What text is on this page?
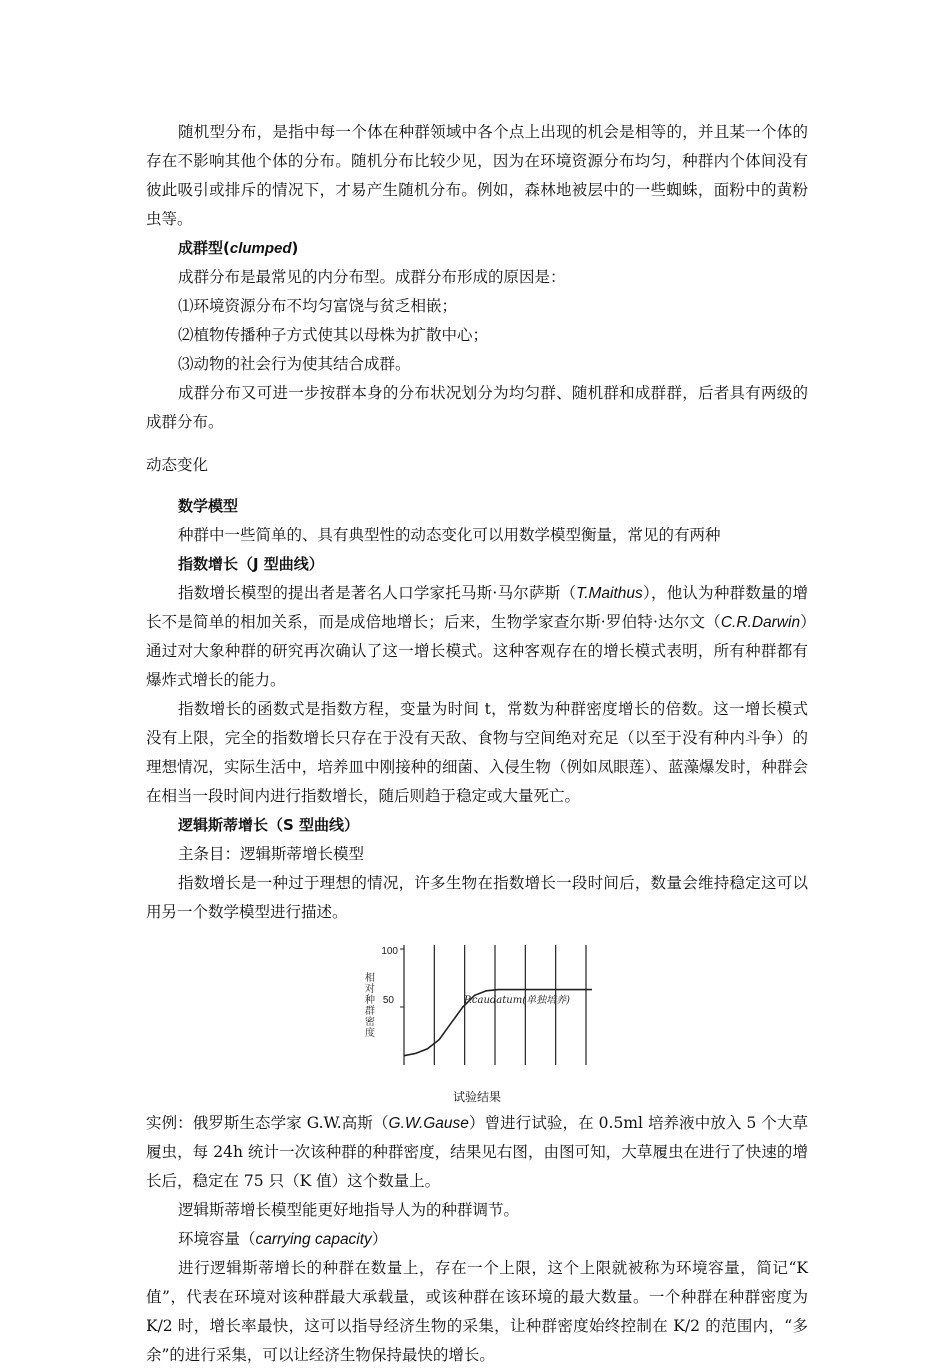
随机型分布，是指中每一个体在种群领域中各个点上出现的机会是相等的，并且某一个体的存在不影响其他个体的分布。随机分布比较少见，因为在环境资源分布均匀，种群内个体间没有彼此吸引或排斥的情况下，才易产生随机分布。例如，森林地被层中的一些蜘蛛，面粉中的黄粉虫等。

成群型(clumped)

成群分布是最常见的内分布型。成群分布形成的原因是：

⑴环境资源分布不均匀富饶与贫乏相嵌；

⑵植物传播种子方式使其以母株为扩散中心；

⑶动物的社会行为使其结合成群。

成群分布又可进一步按群本身的分布状况划分为均匀群、随机群和成群群，后者具有两级的成群分布。

动态变化

数学模型

种群中一些简单的、具有典型性的动态变化可以用数学模型衡量，常见的有两种

指数增长（J 型曲线）

指数增长模型的提出者是著名人口学家托马斯·马尔萨斯（T.Maithus），他认为种群数量的增长不是简单的相加关系，而是成倍地增长；后来，生物学家查尔斯·罗伯特·达尔文（C.R.Darwin）通过对大象种群的研究再次确认了这一增长模式。这种客观存在的增长模式表明，所有种群都有爆炸式增长的能力。

指数增长的函数式是指数方程，变量为时间 t，常数为种群密度增长的倍数。这一增长模式没有上限，完全的指数增长只存在于没有天敌、食物与空间绝对充足（以至于没有种内斗争）的理想情况，实际生活中，培养皿中刚接种的细菌、入侵生物（例如凤眼莲）、蓝藻爆发时，种群会在相当一段时间内进行指数增长，随后则趋于稳定或大量死亡。

逻辑斯蒂增长（S 型曲线）

主条目：逻辑斯蒂增长模型

指数增长是一种过于理想的情况，许多生物在指数增长一段时间后，数量会维持稳定这可以用另一个数学模型进行描述。

相对种群密度
100
50	P.caudatum(单独培养)

试验结果

实例：俄罗斯生态学家 G.W.高斯（G.W.Gause）曾进行试验，在 0.5ml 培养液中放入 5 个大草履虫，每 24h 统计一次该种群的种群密度，结果见右图，由图可知，大草履虫在进行了快速的增长后，稳定在 75 只（K 值）这个数量上。

逻辑斯蒂增长模型能更好地指导人为的种群调节。

环境容量（carrying capacity）

进行逻辑斯蒂增长的种群在数量上，存在一个上限，这个上限就被称为环境容量，简记“K 值”，代表在环境对该种群最大承载量，或该种群在该环境的最大数量。一个种群在种群密度为 K/2 时，增长率最快，这可以指导经济生物的采集，让种群密度始终控制在 K/2 的范围内，“多余”的进行采集，可以让经济生物保持最快的增长。
